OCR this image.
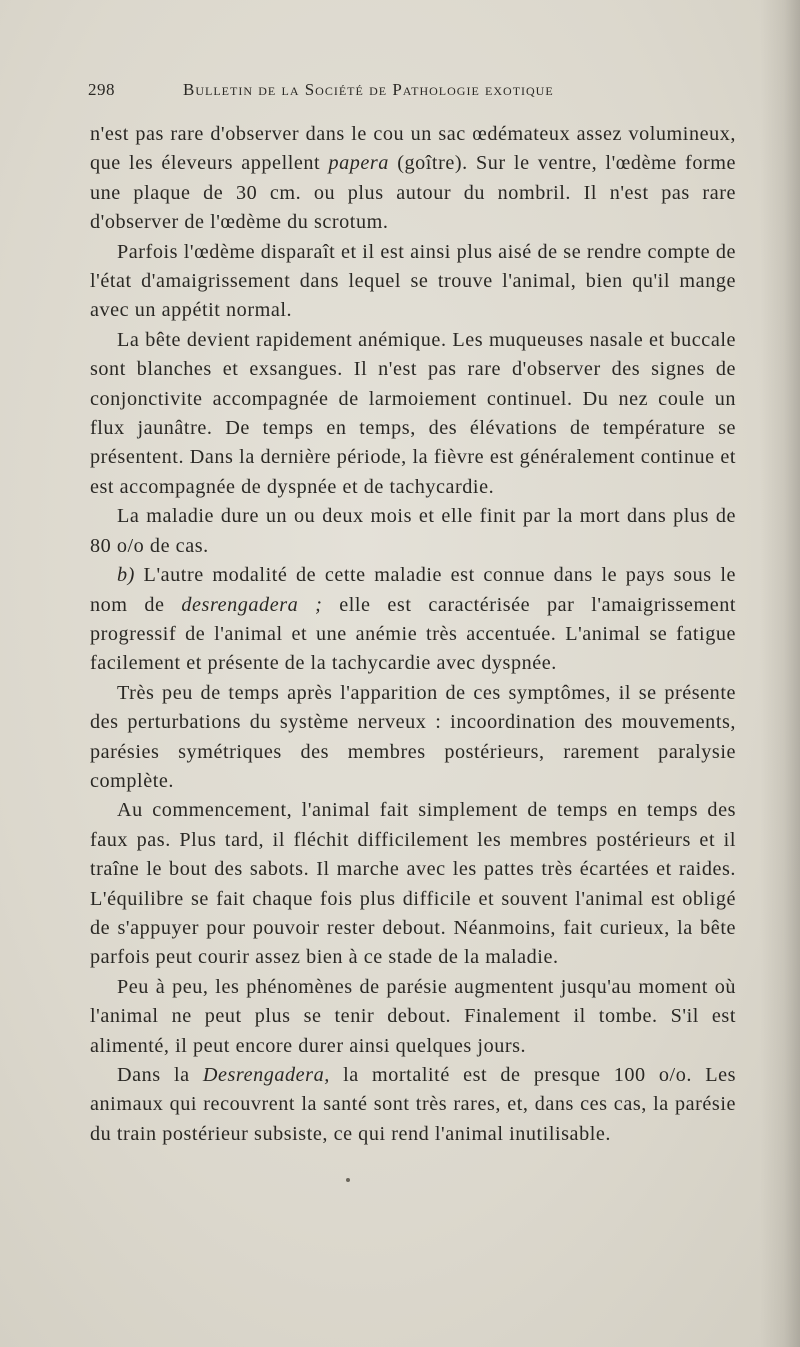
298	Bulletin de la Société de Pathologie exotique

n'est pas rare d'observer dans le cou un sac œdémateux assez volumineux, que les éleveurs appellent papera (goître). Sur le ventre, l'œdème forme une plaque de 30 cm. ou plus autour du nombril. Il n'est pas rare d'observer de l'œdème du scrotum.

Parfois l'œdème disparaît et il est ainsi plus aisé de se rendre compte de l'état d'amaigrissement dans lequel se trouve l'animal, bien qu'il mange avec un appétit normal.

La bête devient rapidement anémique. Les muqueuses nasale et buccale sont blanches et exsangues. Il n'est pas rare d'observer des signes de conjonctivite accompagnée de larmoiement continuel. Du nez coule un flux jaunâtre. De temps en temps, des élévations de température se présentent. Dans la dernière période, la fièvre est généralement continue et est accompagnée de dyspnée et de tachycardie.

La maladie dure un ou deux mois et elle finit par la mort dans plus de 80 o/o de cas.

b) L'autre modalité de cette maladie est connue dans le pays sous le nom de desrengadera ; elle est caractérisée par l'amaigrissement progressif de l'animal et une anémie très accentuée. L'animal se fatigue facilement et présente de la tachycardie avec dyspnée.

Très peu de temps après l'apparition de ces symptômes, il se présente des perturbations du système nerveux : incoordination des mouvements, parésies symétriques des membres postérieurs, rarement paralysie complète.

Au commencement, l'animal fait simplement de temps en temps des faux pas. Plus tard, il fléchit difficilement les membres postérieurs et il traîne le bout des sabots. Il marche avec les pattes très écartées et raides. L'équilibre se fait chaque fois plus difficile et souvent l'animal est obligé de s'appuyer pour pouvoir rester debout. Néanmoins, fait curieux, la bête parfois peut courir assez bien à ce stade de la maladie.

Peu à peu, les phénomènes de parésie augmentent jusqu'au moment où l'animal ne peut plus se tenir debout. Finalement il tombe. S'il est alimenté, il peut encore durer ainsi quelques jours.

Dans la Desrengadera, la mortalité est de presque 100 o/o. Les animaux qui recouvrent la santé sont très rares, et, dans ces cas, la parésie du train postérieur subsiste, ce qui rend l'animal inutilisable.
